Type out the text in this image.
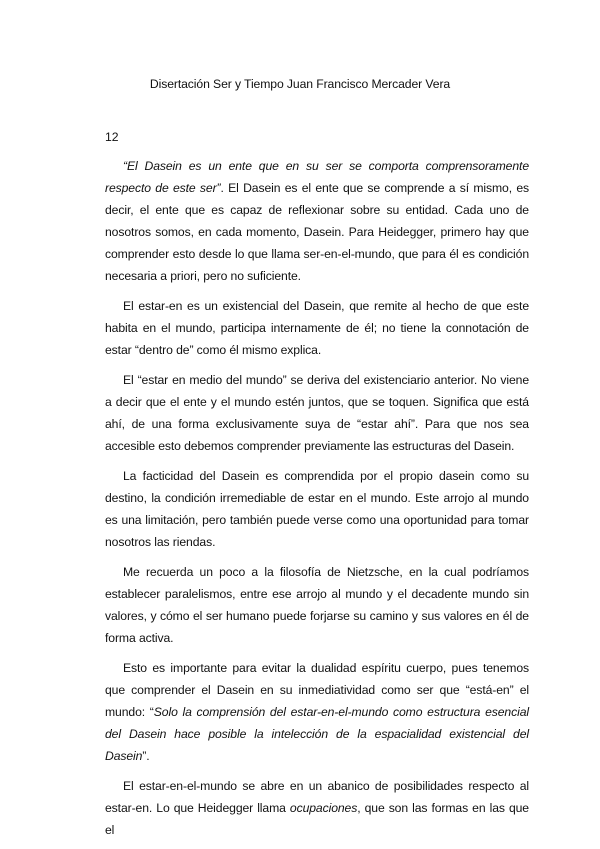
Disertación Ser y Tiempo Juan Francisco Mercader Vera
12

“El Dasein es un ente que en su ser se comporta comprensoramente respecto de este ser”. El Dasein es el ente que se comprende a sí mismo, es decir, el ente que es capaz de reflexionar sobre su entidad. Cada uno de nosotros somos, en cada momento, Dasein. Para Heidegger, primero hay que comprender esto desde lo que llama ser-en-el-mundo, que para él es condición necesaria a priori, pero no suficiente.

El estar-en es un existencial del Dasein, que remite al hecho de que este habita en el mundo, participa internamente de él; no tiene la connotación de estar “dentro de” como él mismo explica.

El “estar en medio del mundo” se deriva del existenciario anterior. No viene a decir que el ente y el mundo estén juntos, que se toquen. Significa que está ahí, de una forma exclusivamente suya de “estar ahí”. Para que nos sea accesible esto debemos comprender previamente las estructuras del Dasein.

La facticidad del Dasein es comprendida por el propio dasein como su destino, la condición irremediable de estar en el mundo. Este arrojo al mundo es una limitación, pero también puede verse como una oportunidad para tomar nosotros las riendas.

Me recuerda un poco a la filosofía de Nietzsche, en la cual podríamos establecer paralelismos, entre ese arrojo al mundo y el decadente mundo sin valores, y cómo el ser humano puede forjarse su camino y sus valores en él de forma activa.

Esto es importante para evitar la dualidad espíritu cuerpo, pues tenemos que comprender el Dasein en su inmediatividad como ser que “está-en” el mundo: “Solo la comprensión del estar-en-el-mundo como estructura esencial del Dasein hace posible la intelección de la espacialidad existencial del Dasein”.

El estar-en-el-mundo se abre en un abanico de posibilidades respecto al estar-en. Lo que Heidegger llama ocupaciones, que son las formas en las que el
